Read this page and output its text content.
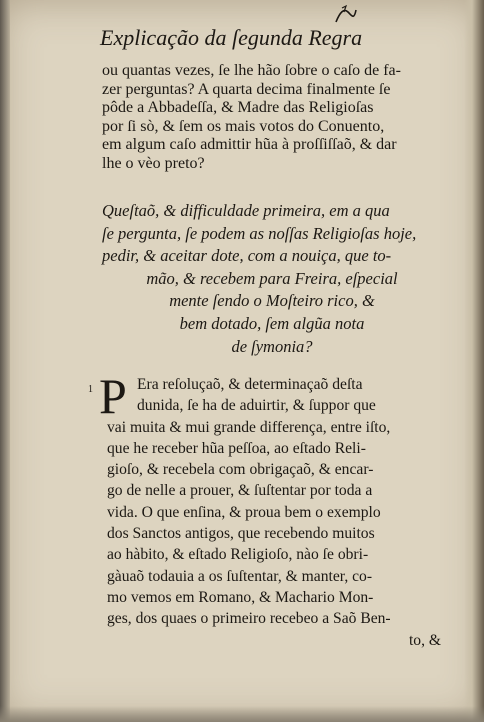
⁠ ⁠
Explicação da ſegunda Regra
ou quantas vezes, ſe lhe hão ſobre o caſo de fa-
zer perguntas? A quarta decima finalmente ſe
pôde a Abbadeſſa, & Madre das Religioſas
por ſi sò, & ſem os mais votos do Conuento,
em algum caſo admittir hũa à proſſiſſaõ, & dar
lhe o vèo preto?
Queſtaõ, & difficuldade primeira, em a qua
ſe pergunta, ſe podem as noſſas Religioſas hoje,
pedir, & aceitar dote, com a nouiça, que to-
mão, & recebem para Freira, eſpecial
mente ſendo o Moſteiro rico, &
bem dotado, ſem algũa nota
de ſymonia?
1 P Era reſoluçaõ, & determinaçaõ deſta
dunida, ſe ha de aduirtir, & ſuppor que
vai muita & mui grande differença, entre iſto,
que he receber hũa peſſoa, ao eſtado Reli-
gioſo, & recebela com obrigaçaõ, & encar-
go de nelle a prouer, & ſuſtentar por toda a
vida. O que enſina, & proua bem o exemplo
dos Sanctos antigos, que recebendo muitos
ao hàbito, & eſtado Religioſo, nào ſe obri-
gàuaõ todauia a os ſuſtentar, & manter, co-
mo vemos em Romano, & Machario Mon-
ges, dos quaes o primeiro recebeo a Saõ Ben-
to, &
